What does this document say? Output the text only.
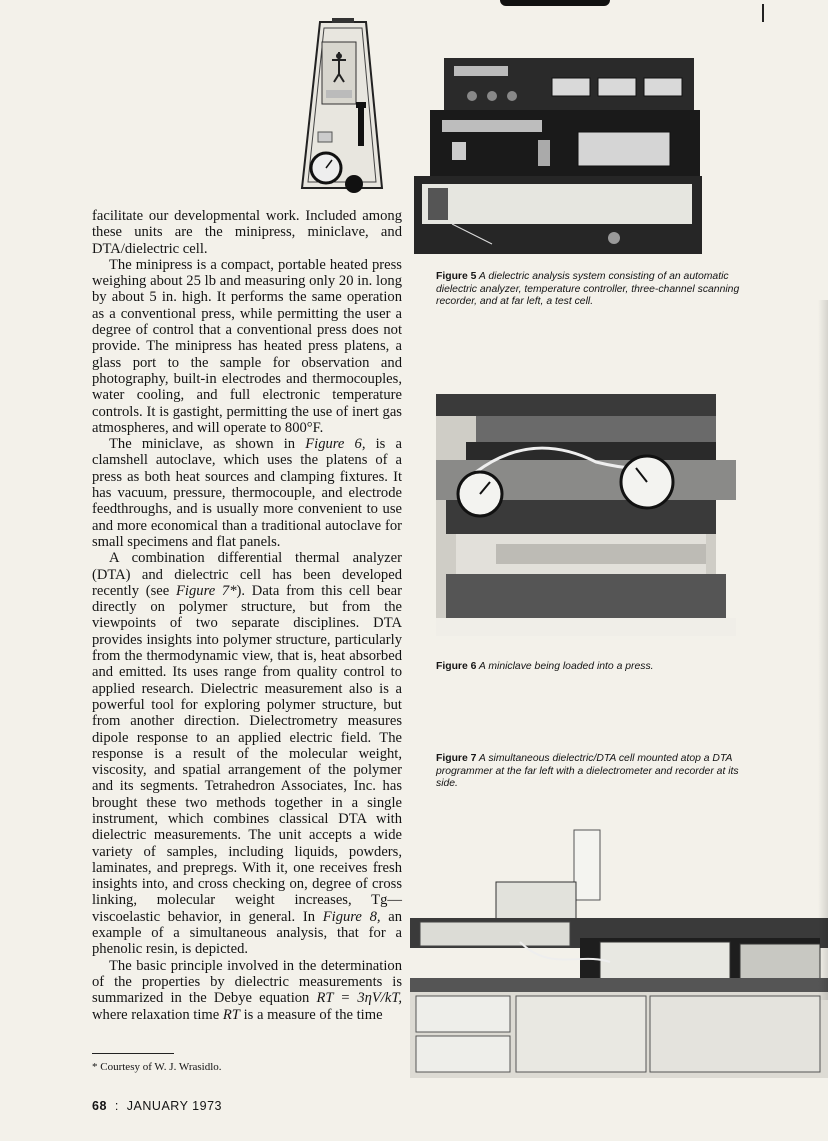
Figure 5 A dielectric analysis system consisting of an automatic dielectric analyzer, temperature controller, three-channel scanning recorder, and at far left, a test cell.
Figure 6 A miniclave being loaded into a press.
Figure 7 A simultaneous dielectric/DTA cell mounted atop a DTA programmer at the far left with a dielectrometer and recorder at its side.

facilitate our developmental work. Included among these units are the minipress, miniclave, and DTA/dielectric cell.

The minipress is a compact, portable heated press weighing about 25 lb and measuring only 20 in. long by about 5 in. high. It performs the same operation as a conventional press, while permitting the user a degree of control that a conventional press does not provide. The minipress has heated press platens, a glass port to the sample for observation and photography, built-in electrodes and thermocouples, water cooling, and full electronic temperature controls. It is gastight, permitting the use of inert gas atmospheres, and will operate to 800°F.

The miniclave, as shown in Figure 6, is a clamshell autoclave, which uses the platens of a press as both heat sources and clamping fixtures. It has vacuum, pressure, thermocouple, and electrode feedthroughs, and is usually more convenient to use and more economical than a traditional autoclave for small specimens and flat panels.

A combination differential thermal analyzer (DTA) and dielectric cell has been developed recently (see Figure 7*). Data from this cell bear directly on polymer structure, but from the viewpoints of two separate disciplines. DTA provides insights into polymer structure, particularly from the thermodynamic view, that is, heat absorbed and emitted. Its uses range from quality control to applied research. Dielectric measurement also is a powerful tool for exploring polymer structure, but from another direction. Dielectrometry measures dipole response to an applied electric field. The response is a result of the molecular weight, viscosity, and spatial arrangement of the polymer and its segments. Tetrahedron Associates, Inc. has brought these two methods together in a single instrument, which combines classical DTA with dielectric measurements. The unit accepts a wide variety of samples, including liquids, powders, laminates, and prepregs. With it, one receives fresh insights into, and cross checking on, degree of cross linking, molecular weight increases, Tg—viscoelastic behavior, in general. In Figure 8, an example of a simultaneous analysis, that for a phenolic resin, is depicted.

The basic principle involved in the determination of the properties by dielectric measurements is summarized in the Debye equation RT = 3ηV/kT, where relaxation time RT is a measure of the time

* Courtesy of W. J. Wrasidlo.
68 : JANUARY 1973
